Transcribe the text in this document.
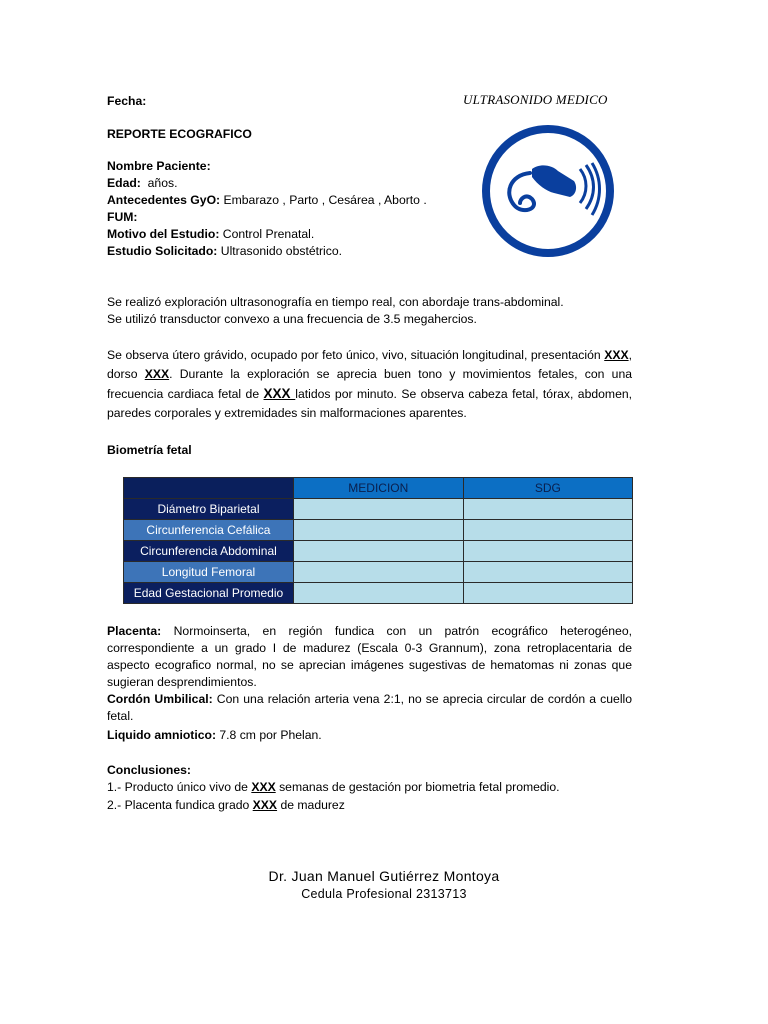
Fecha:	ULTRASONIDO MEDICO
REPORTE ECOGRAFICO
Nombre Paciente:
Edad: años.
Antecedentes GyO: Embarazo , Parto , Cesárea , Aborto .
FUM:
Motivo del Estudio: Control Prenatal.
Estudio Solicitado: Ultrasonido obstétrico.
Se realizó exploración ultrasonografía en tiempo real, con abordaje trans-abdominal.
Se utilizó transductor convexo a una frecuencia de 3.5 megahercios.
Se observa útero grávido, ocupado por feto único, vivo, situación longitudinal, presentación XXX, dorso XXX. Durante la exploración se aprecia buen tono y movimientos fetales, con una frecuencia cardiaca fetal de XXX latidos por minuto. Se observa cabeza fetal, tórax, abdomen, paredes corporales y extremidades sin malformaciones aparentes.
Biometría fetal
	MEDICION	SDG
Diámetro Biparietal		
Circunferencia Cefálica		
Circunferencia Abdominal		
Longitud Femoral		
Edad Gestacional Promedio		
Placenta: Normoinserta, en región fundica con un patrón ecográfico heterogéneo, correspondiente a un grado I de madurez (Escala 0-3 Grannum), zona retroplacentaria de aspecto ecografico normal, no se aprecian imágenes sugestivas de hematomas ni zonas que sugieran desprendimientos.
Cordón Umbilical: Con una relación arteria vena 2:1, no se aprecia circular de cordón a cuello fetal.
Liquido amniotico: 7.8 cm por Phelan.
Conclusiones:
1.- Producto único vivo de XXX semanas de gestación por biometria fetal promedio.
2.- Placenta fundica grado XXX de madurez
Dr. Juan Manuel Gutiérrez Montoya
Cedula Profesional 2313713
